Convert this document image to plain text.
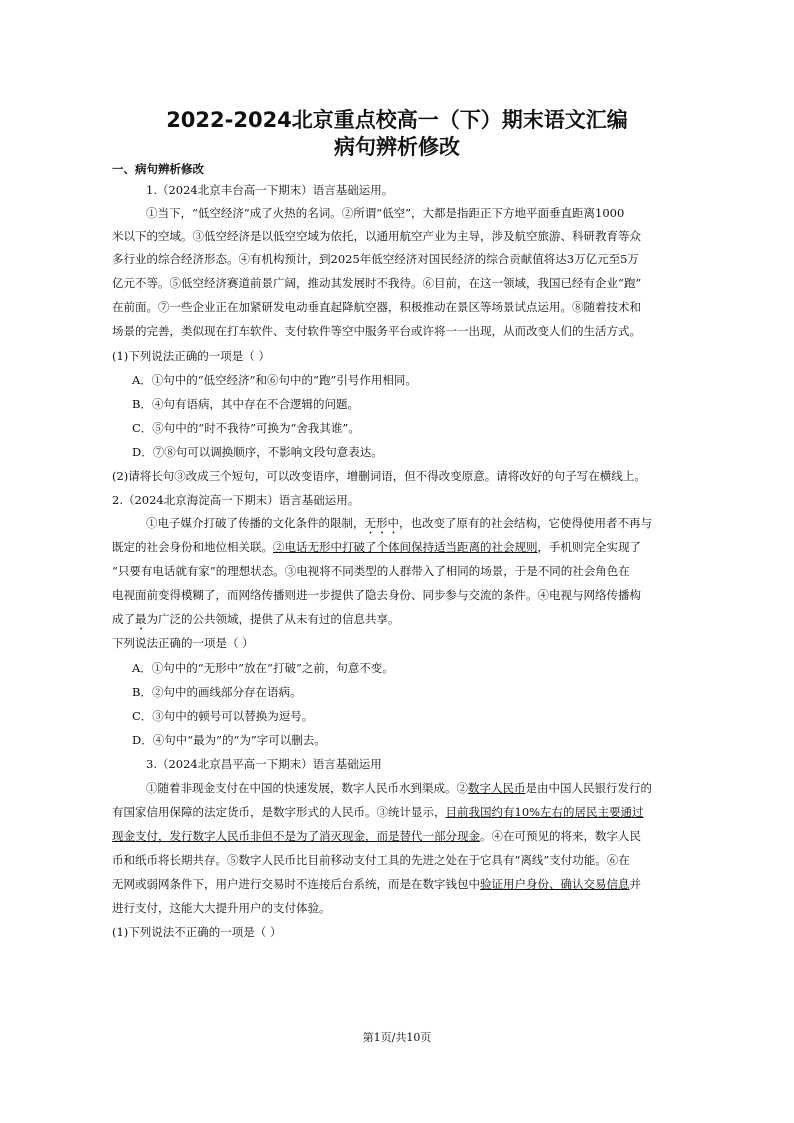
2022-2024北京重点校高一（下）期末语文汇编
病句辨析修改
一、病句辨析修改
1.（2024北京丰台高一下期末）语言基础运用。
①当下，“低空经济”成了火热的名词。②所谓“低空”，大都是指距正下方地平面垂直距离1000
米以下的空域。③低空经济是以低空空域为依托，以通用航空产业为主导，涉及航空旅游、科研教育等众
多行业的综合经济形态。④有机构预计，到2025年低空经济对国民经济的综合贡献值将达3万亿元至5万
亿元不等。⑤低空经济赛道前景广阔，推动其发展时不我待。⑥目前，在这一领域，我国已经有企业“跑”
在前面。⑦一些企业正在加紧研发电动垂直起降航空器，积极推动在景区等场景试点运用。⑧随着技术和
场景的完善，类似现在打车软件、支付软件等空中服务平台或许将一一出现，从而改变人们的生活方式。
(1)下列说法正确的一项是（ ）
A．①句中的“低空经济”和⑥句中的“跑”引号作用相同。
B．④句有语病，其中存在不合逻辑的问题。
C．⑤句中的“时不我待”可换为“舍我其谁”。
D．⑦⑧句可以调换顺序，不影响文段句意表达。
(2)请将长句③改成三个短句，可以改变语序，增删词语，但不得改变原意。请将改好的句子写在横线上。
2.（2024北京海淀高一下期末）语言基础运用。
①电子媒介打破了传播的文化条件的限制，无形中，也改变了原有的社会结构，它使得使用者不再与
既定的社会身份和地位相关联。②电话无形中打破了个体间保持适当距离的社会规则，手机则完全实现了
“只要有电话就有家”的理想状态。③电视将不同类型的人群带入了相同的场景，于是不同的社会角色在
电视面前变得模糊了，而网络传播则进一步提供了隐去身份、同步参与交流的条件。④电视与网络传播构
成了最为广泛的公共领域，提供了从未有过的信息共享。
下列说法正确的一项是（ ）
A．①句中的“无形中”放在“打破”之前，句意不变。
B．②句中的画线部分存在语病。
C．③句中的顿号可以替换为逗号。
D．④句中“最为”的“为”字可以删去。
3.（2024北京昌平高一下期末）语言基础运用
①随着非现金支付在中国的快速发展，数字人民币水到渠成。②数字人民币是由中国人民银行发行的
有国家信用保障的法定货币，是数字形式的人民币。③统计显示，目前我国约有10%左右的居民主要通过
现金支付，发行数字人民币非但不是为了消灭现金，而是替代一部分现金。④在可预见的将来，数字人民
币和纸币将长期共存。⑤数字人民币比目前移动支付工具的先进之处在于它具有“离线”支付功能。⑥在
无网或弱网条件下，用户进行交易时不连接后台系统，而是在数字钱包中验证用户身份、确认交易信息并
进行支付，这能大大提升用户的支付体验。
(1)下列说法不正确的一项是（ ）
第1页/共10页
